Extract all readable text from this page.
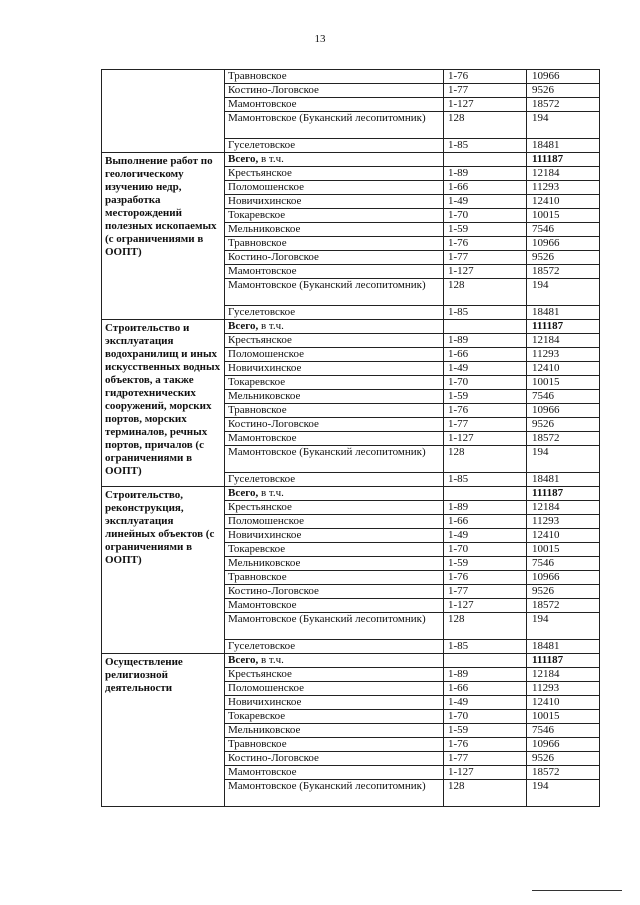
13
	Травновское	1-76	10966
	Костино-Логовское	1-77	9526
	Мамонтовское	1-127	18572
	Мамонтовское (Буканский лесопитомник)	128	194
	Гуселетовское	1-85	18481
Выполнение работ по геологическому изучению недр, разработка месторождений полезных ископаемых (с ограничениями в ООПТ)	Всего, в т.ч.		111187
	Крестьянское	1-89	12184
	Поломошенское	1-66	11293
	Новичихинское	1-49	12410
	Токаревское	1-70	10015
	Мельниковское	1-59	7546
	Травновское	1-76	10966
	Костино-Логовское	1-77	9526
	Мамонтовское	1-127	18572
	Мамонтовское (Буканский лесопитомник)	128	194
	Гуселетовское	1-85	18481
Строительство и эксплуатация водохранилищ и иных искусственных водных объектов, а также гидротехнических сооружений, морских портов, морских терминалов, речных портов, причалов (с ограничениями в ООПТ)	Всего, в т.ч.		111187
	Крестьянское	1-89	12184
	Поломошенское	1-66	11293
	Новичихинское	1-49	12410
	Токаревское	1-70	10015
	Мельниковское	1-59	7546
	Травновское	1-76	10966
	Костино-Логовское	1-77	9526
	Мамонтовское	1-127	18572
	Мамонтовское (Буканский лесопитомник)	128	194
	Гуселетовское	1-85	18481
Строительство, реконструкция, эксплуатация линейных объектов (с ограничениями в ООПТ)	Всего, в т.ч.		111187
	Крестьянское	1-89	12184
	Поломошенское	1-66	11293
	Новичихинское	1-49	12410
	Токаревское	1-70	10015
	Мельниковское	1-59	7546
	Травновское	1-76	10966
	Костино-Логовское	1-77	9526
	Мамонтовское	1-127	18572
	Мамонтовское (Буканский лесопитомник)	128	194
	Гуселетовское	1-85	18481
Осуществление религиозной деятельности	Всего, в т.ч.		111187
	Крестьянское	1-89	12184
	Поломошенское	1-66	11293
	Новичихинское	1-49	12410
	Токаревское	1-70	10015
	Мельниковское	1-59	7546
	Травновское	1-76	10966
	Костино-Логовское	1-77	9526
	Мамонтовское	1-127	18572
	Мамонтовское (Буканский лесопитомник)	128	194
